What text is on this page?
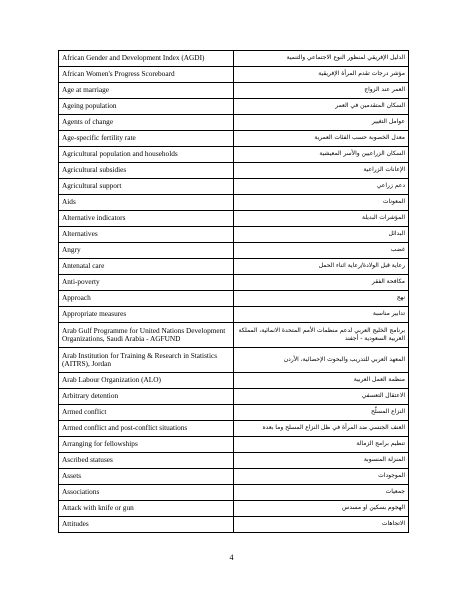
African Gender and Development Index (AGDI)	الدليل الإفريقي لمنظور النوع الاجتماعي والتنمية
African Women's Progress Scoreboard	مؤشر درجات تقدم المرأة الإفريقية
Age at marriage	العمر عند الزواج
Ageing population	السكان المتقدمين في العمر
Agents of change	عوامل التغيير
Age-specific fertility rate	معدل الخصوبة حسب الفئات العمرية
Agricultural population and households	السكان الزراعيين والأسر المعيشية
Agricultural subsidies	الإعانات الزراعية
Agricultural support	دعم زراعي
Aids	المعونات
Alternative indicators	المؤشرات البديلة
Alternatives	البدائل
Angry	غضب
Antenatal care	رعاية قبل الولادة/رعاية اثناء الحمل
Anti-poverty	مكافحة الفقر
Approach	نهج
Appropriate measures	تدابير مناسبة
Arab Gulf Programme for United Nations Development Organizations, Saudi Arabia - AGFUND	برنامج الخليج العربي لدعم منظمات الأمم المتحدة الانمائية، المملكة العربية السعودية - أجفند
Arab Institution for Training & Research in Statistics (AITRS), Jordan	المعهد العربي للتدريب والبحوث الإحصائية، الأردن
Arab Labour Organization (ALO)	منظمة العمل العربية
Arbitrary detention	الاعتقال التعسفي
Armed conflict	النزاع المسلّح
Armed conflict and post-conflict situations	العنف الجنسي ضد المرأة في ظل النزاع المسلح وما بعده
Arranging for fellowships	تنظيم برامج الزمالة
Ascribed statuses	المنزلة المنسوبة
Assets	الموجودات
Associations	جمعيات
Attack with knife or gun	الهجوم بسكين او مسدس
Attitudes	الاتجاهات
4
